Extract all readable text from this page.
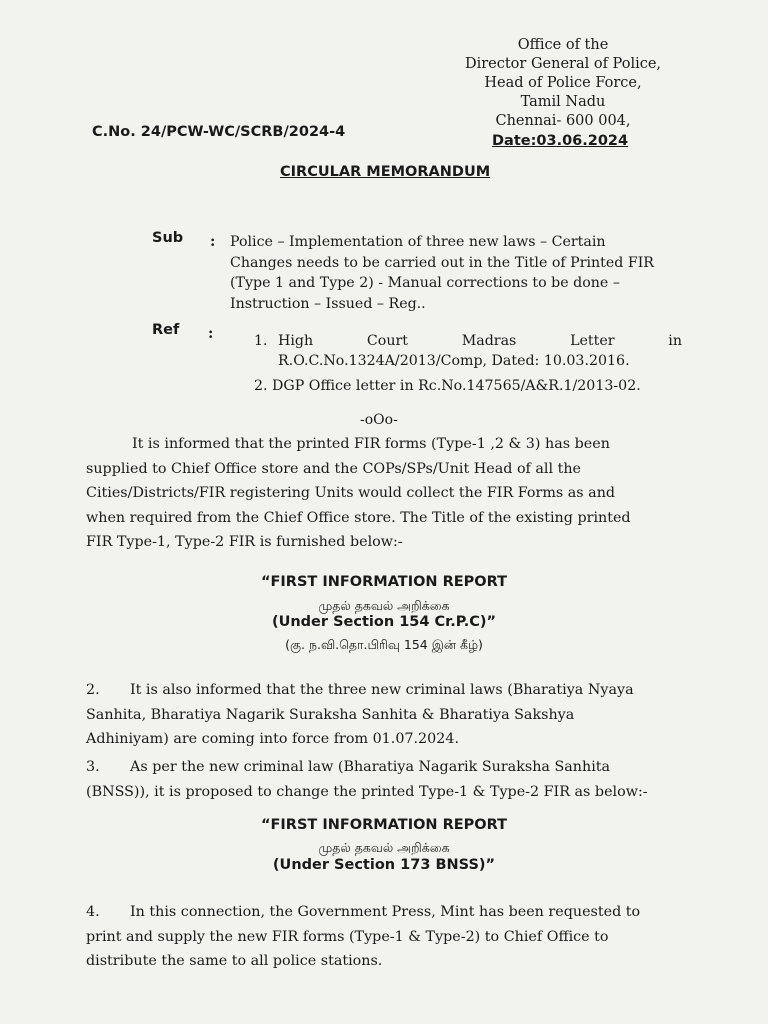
Office of the
Director General of Police,
Head of Police Force,
Tamil Nadu
Chennai- 600 004,
C.No. 24/PCW-WC/SCRB/2024-4
Date:03.06.2024
CIRCULAR MEMORANDUM
Sub : Police – Implementation of three new laws – Certain
Changes needs to be carried out in the Title of Printed FIR
(Type 1 and Type 2) - Manual corrections to be done –
Instruction – Issued – Reg..
Ref :	1. High	Court	Madras	Letter	in
R.O.C.No.1324A/2013/Comp, Dated: 10.03.2016.
2. DGP Office letter in Rc.No.147565/A&R.1/2013-02.
-oOo-
It is informed that the printed FIR forms (Type-1 ,2 & 3) has been
supplied to Chief Office store and the COPs/SPs/Unit Head of all the
Cities/Districts/FIR registering Units would collect the FIR Forms as and
when required from the Chief Office store. The Title of the existing printed
FIR Type-1, Type-2 FIR is furnished below:-
“FIRST INFORMATION REPORT
முதல் தகவல் அறிக்கை
(Under Section 154 Cr.P.C)”
(கு. ந.வி.தொ.பிரிவு 154 இன் கீழ்)
2. It is also informed that the three new criminal laws (Bharatiya Nyaya
Sanhita, Bharatiya Nagarik Suraksha Sanhita & Bharatiya Sakshya
Adhiniyam) are coming into force from 01.07.2024.
3. As per the new criminal law (Bharatiya Nagarik Suraksha Sanhita
(BNSS)), it is proposed to change the printed Type-1 & Type-2 FIR as below:-
“FIRST INFORMATION REPORT
முதல் தகவல் அறிக்கை
(Under Section 173 BNSS)”
4. In this connection, the Government Press, Mint has been requested to
print and supply the new FIR forms (Type-1 & Type-2) to Chief Office to
distribute the same to all police stations.
